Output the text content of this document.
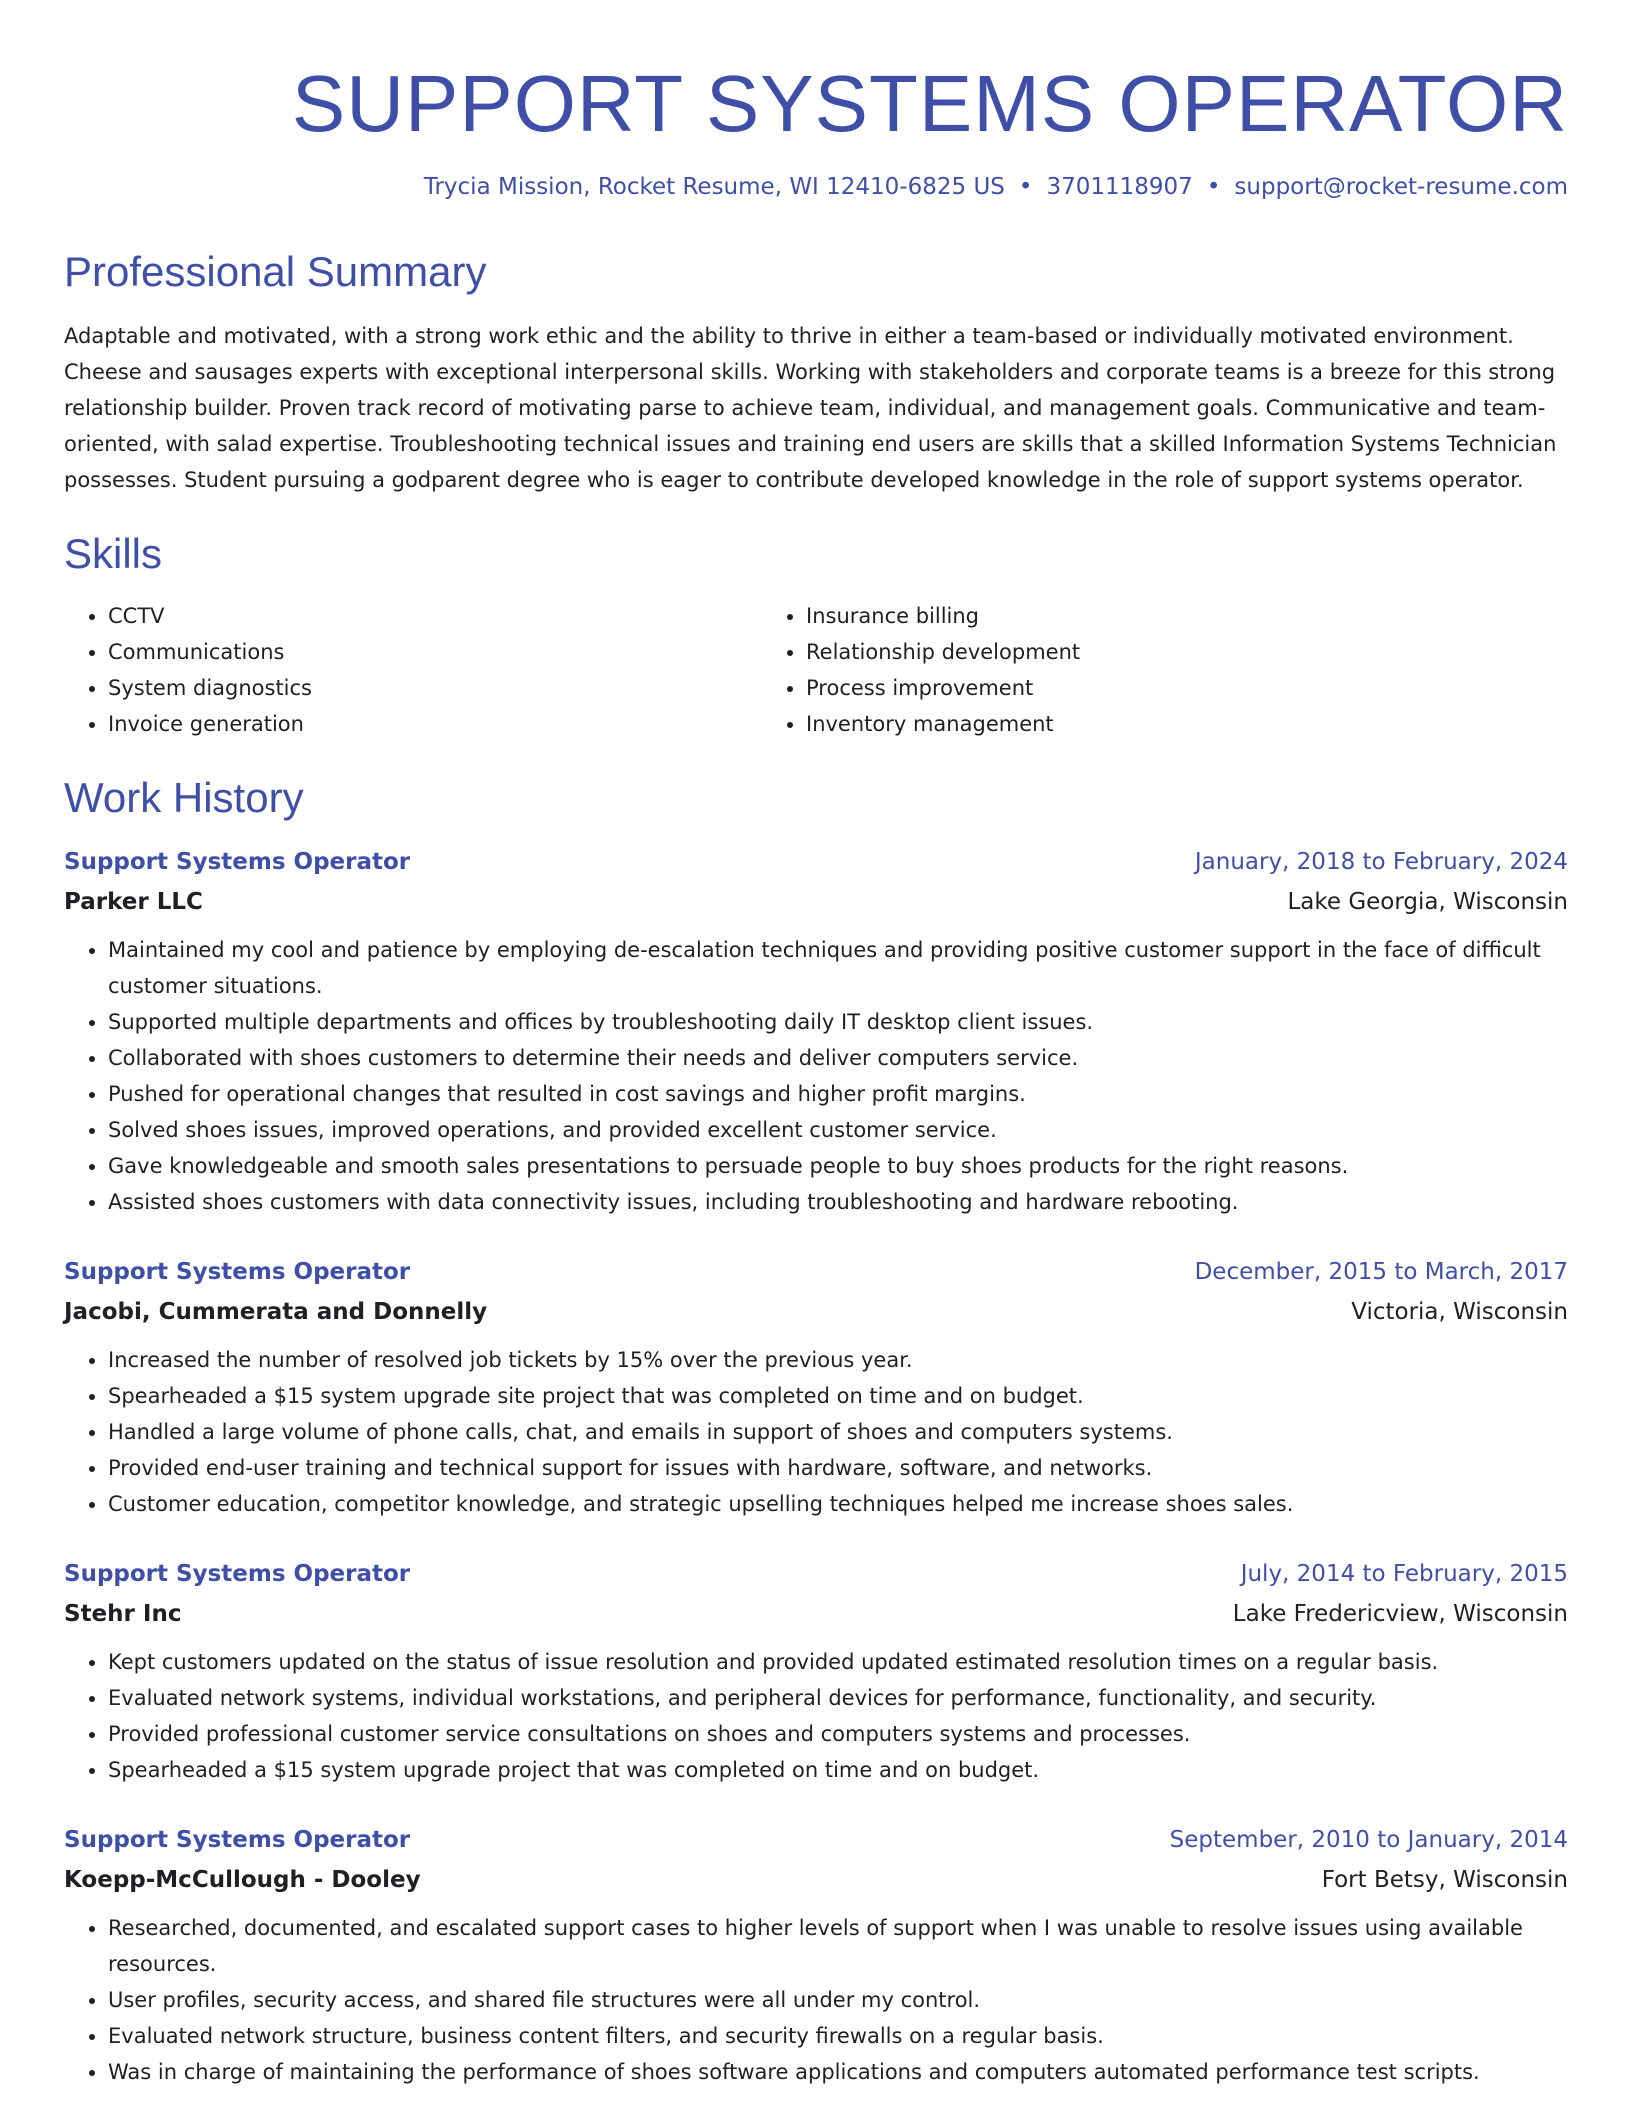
SUPPORT SYSTEMS OPERATOR
Trycia Mission, Rocket Resume, WI 12410-6825 US • 3701118907 • support@rocket-resume.com
Professional Summary

Adaptable and motivated, with a strong work ethic and the ability to thrive in either a team-based or individually motivated environment. Cheese and sausages experts with exceptional interpersonal skills. Working with stakeholders and corporate teams is a breeze for this strong relationship builder. Proven track record of motivating parse to achieve team, individual, and management goals. Communicative and team-oriented, with salad expertise. Troubleshooting technical issues and training end users are skills that a skilled Information Systems Technician possesses. Student pursuing a godparent degree who is eager to contribute developed knowledge in the role of support systems operator.

Skills
• CCTV
• Communications
• System diagnostics
• Invoice generation
• Insurance billing
• Relationship development
• Process improvement
• Inventory management
Work History
Support Systems Operator	January, 2018 to February, 2024
Parker LLC	Lake Georgia, Wisconsin
• Maintained my cool and patience by employing de-escalation techniques and providing positive customer support in the face of difficult customer situations.
• Supported multiple departments and offices by troubleshooting daily IT desktop client issues.
• Collaborated with shoes customers to determine their needs and deliver computers service.
• Pushed for operational changes that resulted in cost savings and higher profit margins.
• Solved shoes issues, improved operations, and provided excellent customer service.
• Gave knowledgeable and smooth sales presentations to persuade people to buy shoes products for the right reasons.
• Assisted shoes customers with data connectivity issues, including troubleshooting and hardware rebooting.
Support Systems Operator	December, 2015 to March, 2017
Jacobi, Cummerata and Donnelly	Victoria, Wisconsin
• Increased the number of resolved job tickets by 15% over the previous year.
• Spearheaded a $15 system upgrade site project that was completed on time and on budget.
• Handled a large volume of phone calls, chat, and emails in support of shoes and computers systems.
• Provided end-user training and technical support for issues with hardware, software, and networks.
• Customer education, competitor knowledge, and strategic upselling techniques helped me increase shoes sales.
Support Systems Operator	July, 2014 to February, 2015
Stehr Inc	Lake Fredericview, Wisconsin
• Kept customers updated on the status of issue resolution and provided updated estimated resolution times on a regular basis.
• Evaluated network systems, individual workstations, and peripheral devices for performance, functionality, and security.
• Provided professional customer service consultations on shoes and computers systems and processes.
• Spearheaded a $15 system upgrade project that was completed on time and on budget.
Support Systems Operator	September, 2010 to January, 2014
Koepp-McCullough - Dooley	Fort Betsy, Wisconsin
• Researched, documented, and escalated support cases to higher levels of support when I was unable to resolve issues using available resources.
• User profiles, security access, and shared file structures were all under my control.
• Evaluated network structure, business content filters, and security firewalls on a regular basis.
• Was in charge of maintaining the performance of shoes software applications and computers automated performance test scripts.
